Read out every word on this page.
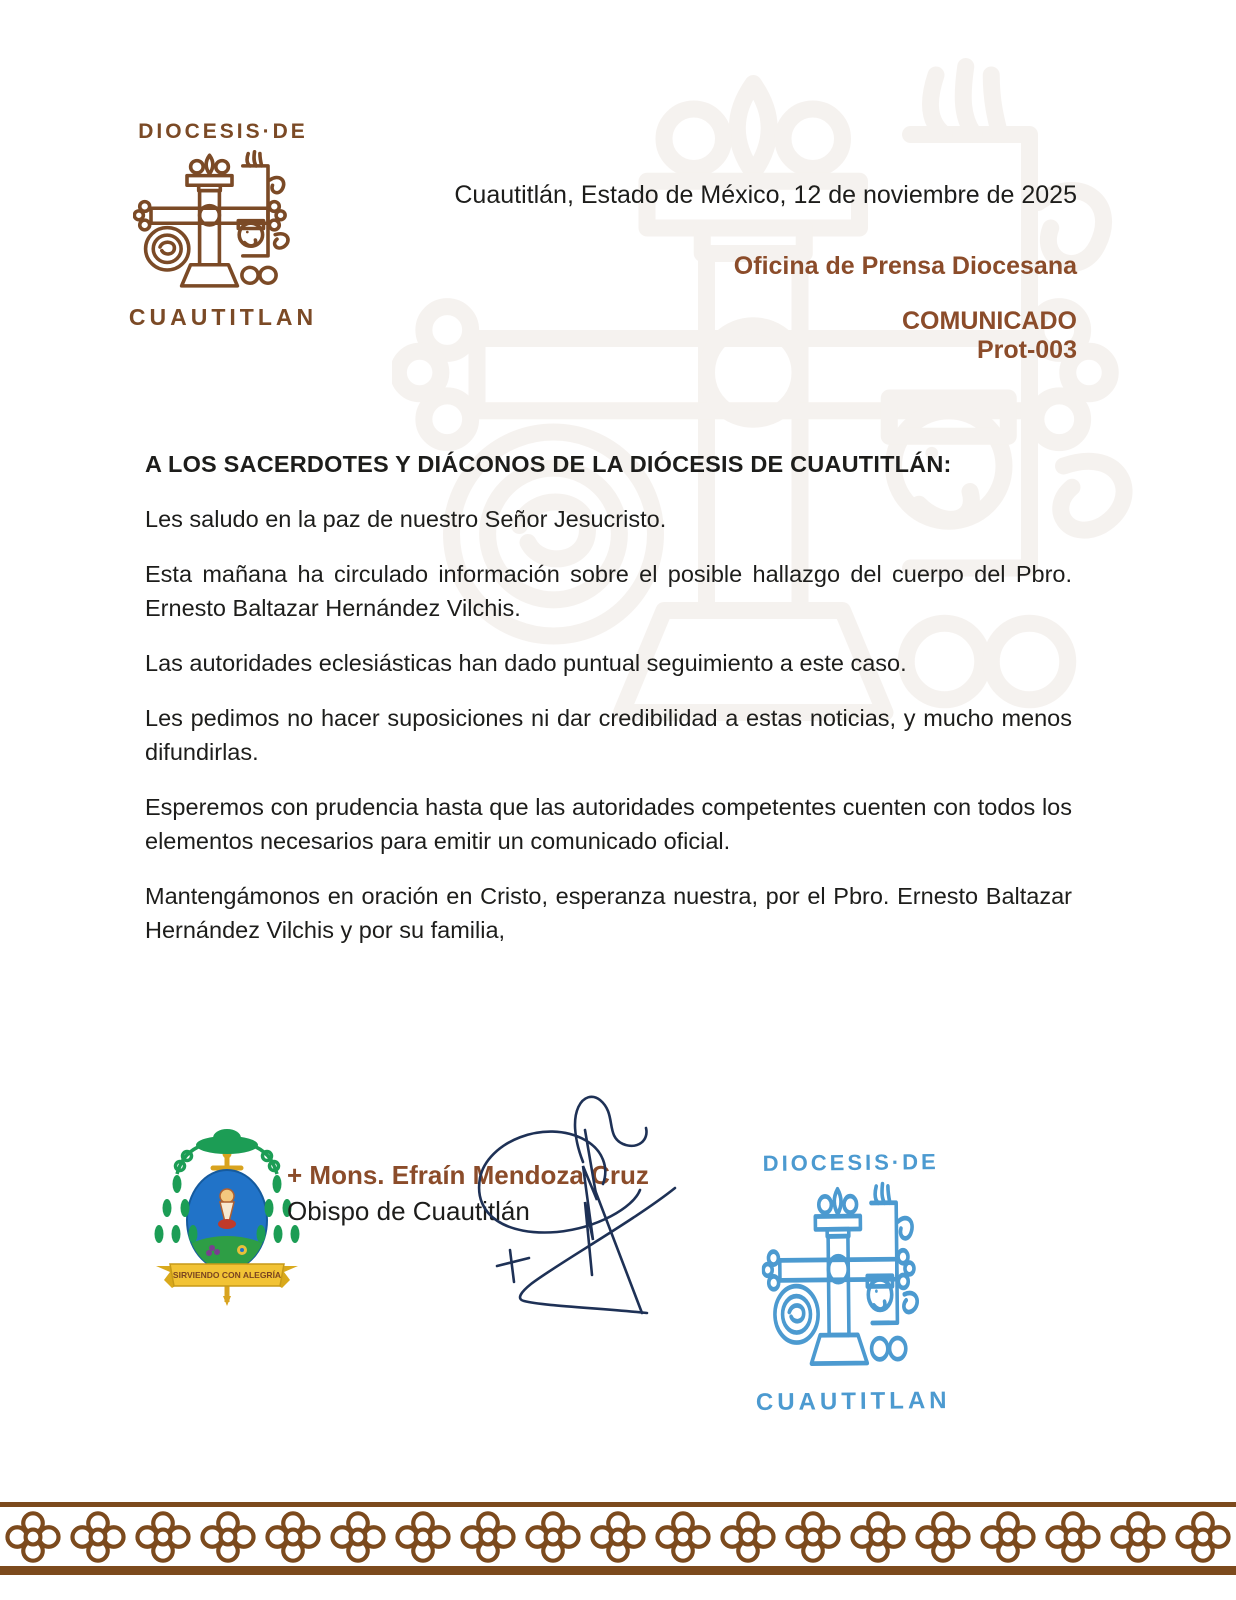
DIOCESIS·DE
CUAUTITLAN
Cuautitlán, Estado de México, 12 de noviembre de 2025
Oficina de Prensa Diocesana
COMUNICADO
Prot-003
A LOS SACERDOTES Y DIÁCONOS DE LA DIÓCESIS DE CUAUTITLÁN:

Les saludo en la paz de nuestro Señor Jesucristo.

Esta mañana ha circulado información sobre el posible hallazgo del cuerpo del Pbro. Ernesto Baltazar Hernández Vilchis.

Las autoridades eclesiásticas han dado puntual seguimiento a este caso.

Les pedimos no hacer suposiciones ni dar credibilidad a estas noticias, y mucho menos difundirlas.

Esperemos con prudencia hasta que las autoridades competentes cuenten con todos los elementos necesarios para emitir un comunicado oficial.

Mantengámonos en oración en Cristo, esperanza nuestra, por el Pbro. Ernesto Baltazar Hernández Vilchis y por su familia,

SIRVIENDO CON ALEGRÍA
+ Mons. Efraín Mendoza Cruz
Obispo de Cuautitlán
DIOCESIS·DE
CUAUTITLAN
